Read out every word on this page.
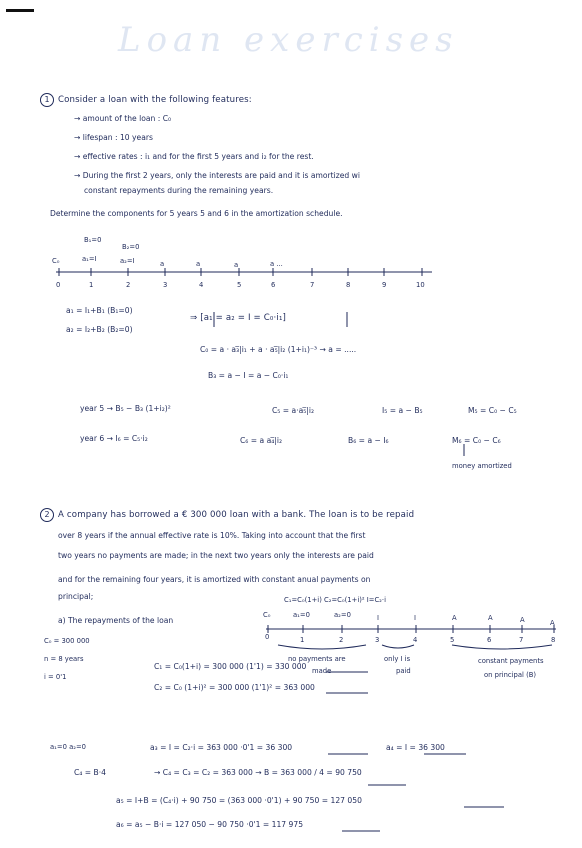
Loan exercises
1 Consider a loan with the following features:
→ amount of the loan : C₀
→ lifespan : 10 years
→ effective rates : i₁ and for the first 5 years and i₂ for the rest.
→ During the first 2 years, only the interests are paid and it is amortized wi
constant repayments during the remaining years.
Determine the components for 5 years 5 and 6 in the amortization schedule.
B₁=0
B₂=0
C₀	a₁=I	a₂=I	a	a	a	a ...
0	1	2	3	4	5	6	7	8	9	10
a₁ = I₁+B₁ (B₁=0)
a₂ = I₂+B₂ (B₂=0)
⇒ [a₁ = a₂ = I = C₀·i₁]
C₀ = a · a₃̅|i₁ + a · a₅̅|i₂ (1+i₁)⁻³ → a = .....
B₃ = a − I = a − C₀·i₁
year 5 → B₅ − B₃ (1+i₂)²	C₅ = a·a₅̅|i₂	I₅ = a − B₅	M₅ = C₀ − C₅
year 6 → I₆ = C₅·i₂	C₆ = a a₄̅|i₂	B₆ = a − I₆	M₆ = C₀ − C₆
money amortized
2 A company has borrowed a € 300 000 loan with a bank. The loan is to be repaid
over 8 years if the annual effective rate is 10%. Taking into account that the first
two years no payments are made; in the next two years only the interests are paid
and for the remaining four years, it is amortized with constant anual payments on
principal;	C₁=C₀(1+i) C₂=C₀(1+i)² I=C₂·i
a) The repayments of the loan
C₀ = 300 000
n = 8 years
i = 0'1
C₀	a₁=0	a₂=0	I	I	A	A	A	A
0	1	2	3	4	5	6	7	8
no payments are
made
only I is
paid
constant payments
on principal (B)
C₁ = C₀(1+i) = 300 000 (1'1) = 330 000
C₂ = C₀ (1+i)² = 300 000 (1'1)² = 363 000
a₁=0 a₂=0	a₃ = I = C₂·i = 363 000 ·0'1 = 36 300	a₄ = I = 36 300
C₄ = B·4	→ C₄ = C₃ = C₂ = 363 000 → B = 363 000 / 4 = 90 750
a₅ = I+B = (C₄·i) + 90 750 = (363 000 ·0'1) + 90 750 = 127 050
a₆ = a₅ − B·i = 127 050 − 90 750 ·0'1 = 117 975
